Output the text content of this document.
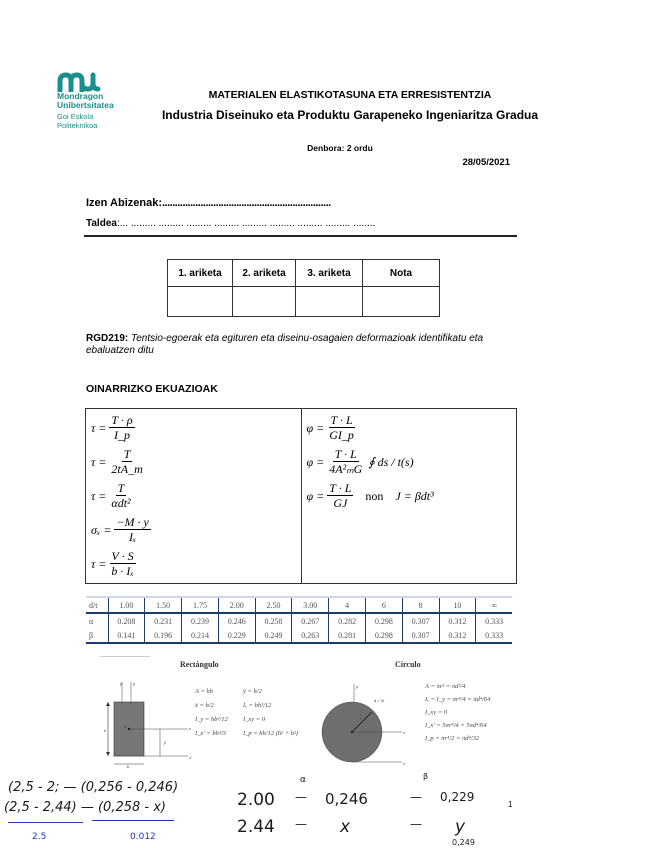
Mondragon
Unibertsitatea
Goi Eskola
Politeknikoa
MATERIALEN ELASTIKOTASUNA ETA ERRESISTENTZIA
Industria Diseinuko eta Produktu Garapeneko Ingeniaritza Gradua
Denbora: 2 ordu
28/05/2021
Izen Abizenak:..................................................................
Taldea:... ......... ......... ......... ......... ......... ......... ......... ......... ........
1. ariketa	2. ariketa	3. ariketa	Nota

RGD219: Tentsio-egoerak eta egituren eta diseinu-osagaien deformazioak identifikatu eta ebaluatzen ditu
OINARRIZKO EKUAZIOAK
$\tau = \frac{T \cdot \rho}{I\_p}$
$\tau = \frac{T}{2tA\_m}$
$\tau = \frac{T}{\text{αdt²}}$
$\sigma_x = \frac{-M \cdot y}{\text{Iₓ}}$
$\tau = \frac{V \cdot S}{\text{b · Iₓ}}$
$\varphi = \frac{T \cdot L}{GI\_p}$
$\varphi = \frac{T \cdot L}{\text{4A²ₘG}}$ ∮ ds / t(s)
$\varphi = \frac{T \cdot L}{GJ}$ non J = βdt³
d/t	1.00	1.50	1.75	2.00	2.50	3.00	4	6	8	10	∞
α	0.208	0.231	0.239	0.246	0.258	0.267	0.282	0.298	0.307	0.312	0.333
β	0.141	0.196	0.214	0.229	0.249	0.263	0.281	0.298	0.307	0.312	0.333
Rectángulo
h
b
ȳ
x
x'
y'	y
C
A = bh	ȳ = h/2
x̄ = b/2	Iₓ = bh³/12
I_y = hb³/12	I_xy = 0
I_x' = bh³/3	I_p = bh/12 (h² + b²)
Círculo
d = 2r
r
x
x'
y	A = πr² = πd²/4
Iₓ = I_y = πr⁴/4 = πd⁴/64
I_xy = 0
I_x' = 5πr⁴/4 = 5πd⁴/64
I_p = πr⁴/2 = πd⁴/32
(2,5 - 2; — (0,256 - 0,246)
(2,5 - 2,44) — (0,258 - x)
2.5	0.012
α	β
2.00	—	0,246	—	0,229
2.44	—	x	—	y
0,249
1
